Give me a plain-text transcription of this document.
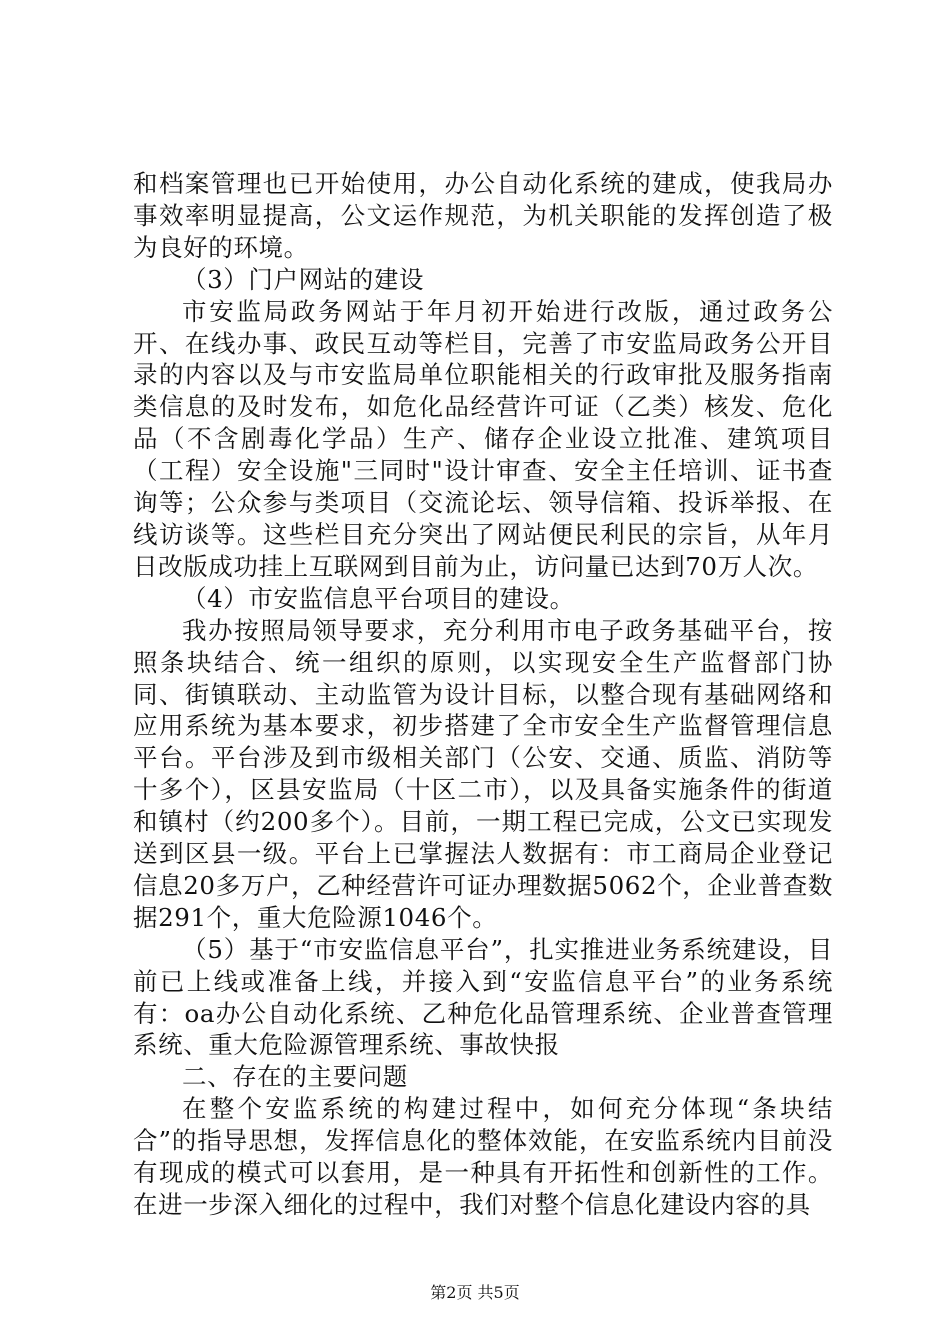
和档案管理也已开始使用，办公自动化系统的建成，使我局办事效率明显提高，公文运作规范，为机关职能的发挥创造了极为良好的环境。

（3）门户网站的建设

市安监局政务网站于年月初开始进行改版，通过政务公开、在线办事、政民互动等栏目，完善了市安监局政务公开目录的内容以及与市安监局单位职能相关的行政审批及服务指南类信息的及时发布，如危化品经营许可证（乙类）核发、危化品（不含剧毒化学品）生产、储存企业设立批准、建筑项目（工程）安全设施"三同时"设计审查、安全主任培训、证书查询等；公众参与类项目（交流论坛、领导信箱、投诉举报、在线访谈等。这些栏目充分突出了网站便民利民的宗旨，从年月日改版成功挂上互联网到目前为止，访问量已达到70万人次。

（4）市安监信息平台项目的建设。

我办按照局领导要求，充分利用市电子政务基础平台，按照条块结合、统一组织的原则，以实现安全生产监督部门协同、街镇联动、主动监管为设计目标，以整合现有基础网络和应用系统为基本要求，初步搭建了全市安全生产监督管理信息平台。平台涉及到市级相关部门（公安、交通、质监、消防等十多个），区县安监局（十区二市），以及具备实施条件的街道和镇村（约200多个）。目前，一期工程已完成，公文已实现发送到区县一级。平台上已掌握法人数据有：市工商局企业登记信息20多万户，乙种经营许可证办理数据5062个，企业普查数据291个，重大危险源1046个。

（5）基于“市安监信息平台”，扎实推进业务系统建设，目前已上线或准备上线，并接入到“安监信息平台”的业务系统有：oa办公自动化系统、乙种危化品管理系统、企业普查管理系统、重大危险源管理系统、事故快报

二、存在的主要问题

在整个安监系统的构建过程中，如何充分体现“条块结合”的指导思想，发挥信息化的整体效能，在安监系统内目前没有现成的模式可以套用，是一种具有开拓性和创新性的工作。在进一步深入细化的过程中，我们对整个信息化建设内容的具

第2页 共5页
